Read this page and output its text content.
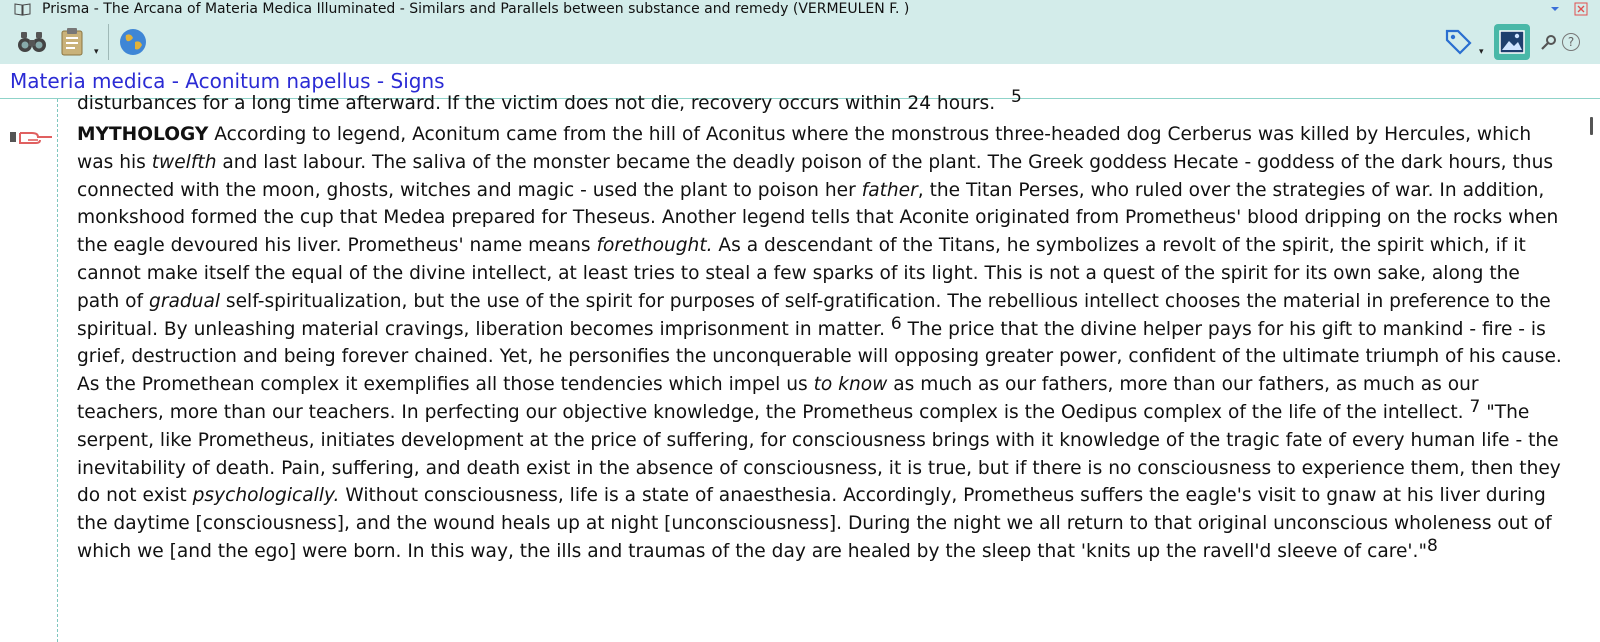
Prisma - The Arcana of Materia Medica Illuminated - Similars and Parallels between substance and remedy (VERMEULEN F. )
▾	▾
?
Materia medica - Aconitum napellus - Signs
disturbances for a long time afterward. If the victim does not die, recovery occurs within 24 hours. $^5$
MYTHOLOGY According to legend, Aconitum came from the hill of Aconitus where the monstrous three-headed dog Cerberus was killed by Hercules, which was his twelfth and last labour. The saliva of the monster became the deadly poison of the plant. The Greek goddess Hecate - goddess of the dark hours, thus connected with the moon, ghosts, witches and magic - used the plant to poison her father, the Titan Perses, who ruled over the strategies of war. In addition, monkshood formed the cup that Medea prepared for Theseus. Another legend tells that Aconite originated from Prometheus' blood dripping on the rocks when the eagle devoured his liver. Prometheus' name means forethought. As a descendant of the Titans, he symbolizes a revolt of the spirit, the spirit which, if it cannot make itself the equal of the divine intellect, at least tries to steal a few sparks of its light. This is not a quest of the spirit for its own sake, along the path of gradual self-spiritualization, but the use of the spirit for purposes of self-gratification. The rebellious intellect chooses the material in preference to the spiritual. By unleashing material cravings, liberation becomes imprisonment in matter. $^6$ The price that the divine helper pays for his gift to mankind - fire - is grief, destruction and being forever chained. Yet, he personifies the unconquerable will opposing greater power, confident of the ultimate triumph of his cause. As the Promethean complex it exemplifies all those tendencies which impel us to know as much as our fathers, more than our fathers, as much as our teachers, more than our teachers. In perfecting our objective knowledge, the Prometheus complex is the Oedipus complex of the life of the intellect. $^7$ "The serpent, like Prometheus, initiates development at the price of suffering, for consciousness brings with it knowledge of the tragic fate of every human life - the inevitability of death. Pain, suffering, and death exist in the absence of consciousness, it is true, but if there is no consciousness to experience them, then they do not exist psychologically. Without consciousness, life is a state of anaesthesia. Accordingly, Prometheus suffers the eagle's visit to gnaw at his liver during the daytime [consciousness], and the wound heals up at night [unconsciousness]. During the night we all return to that original unconscious wholeness out of which we [and the ego] were born. In this way, the ills and traumas of the day are healed by the sleep that 'knits up the ravell'd sleeve of care'."$^8$
